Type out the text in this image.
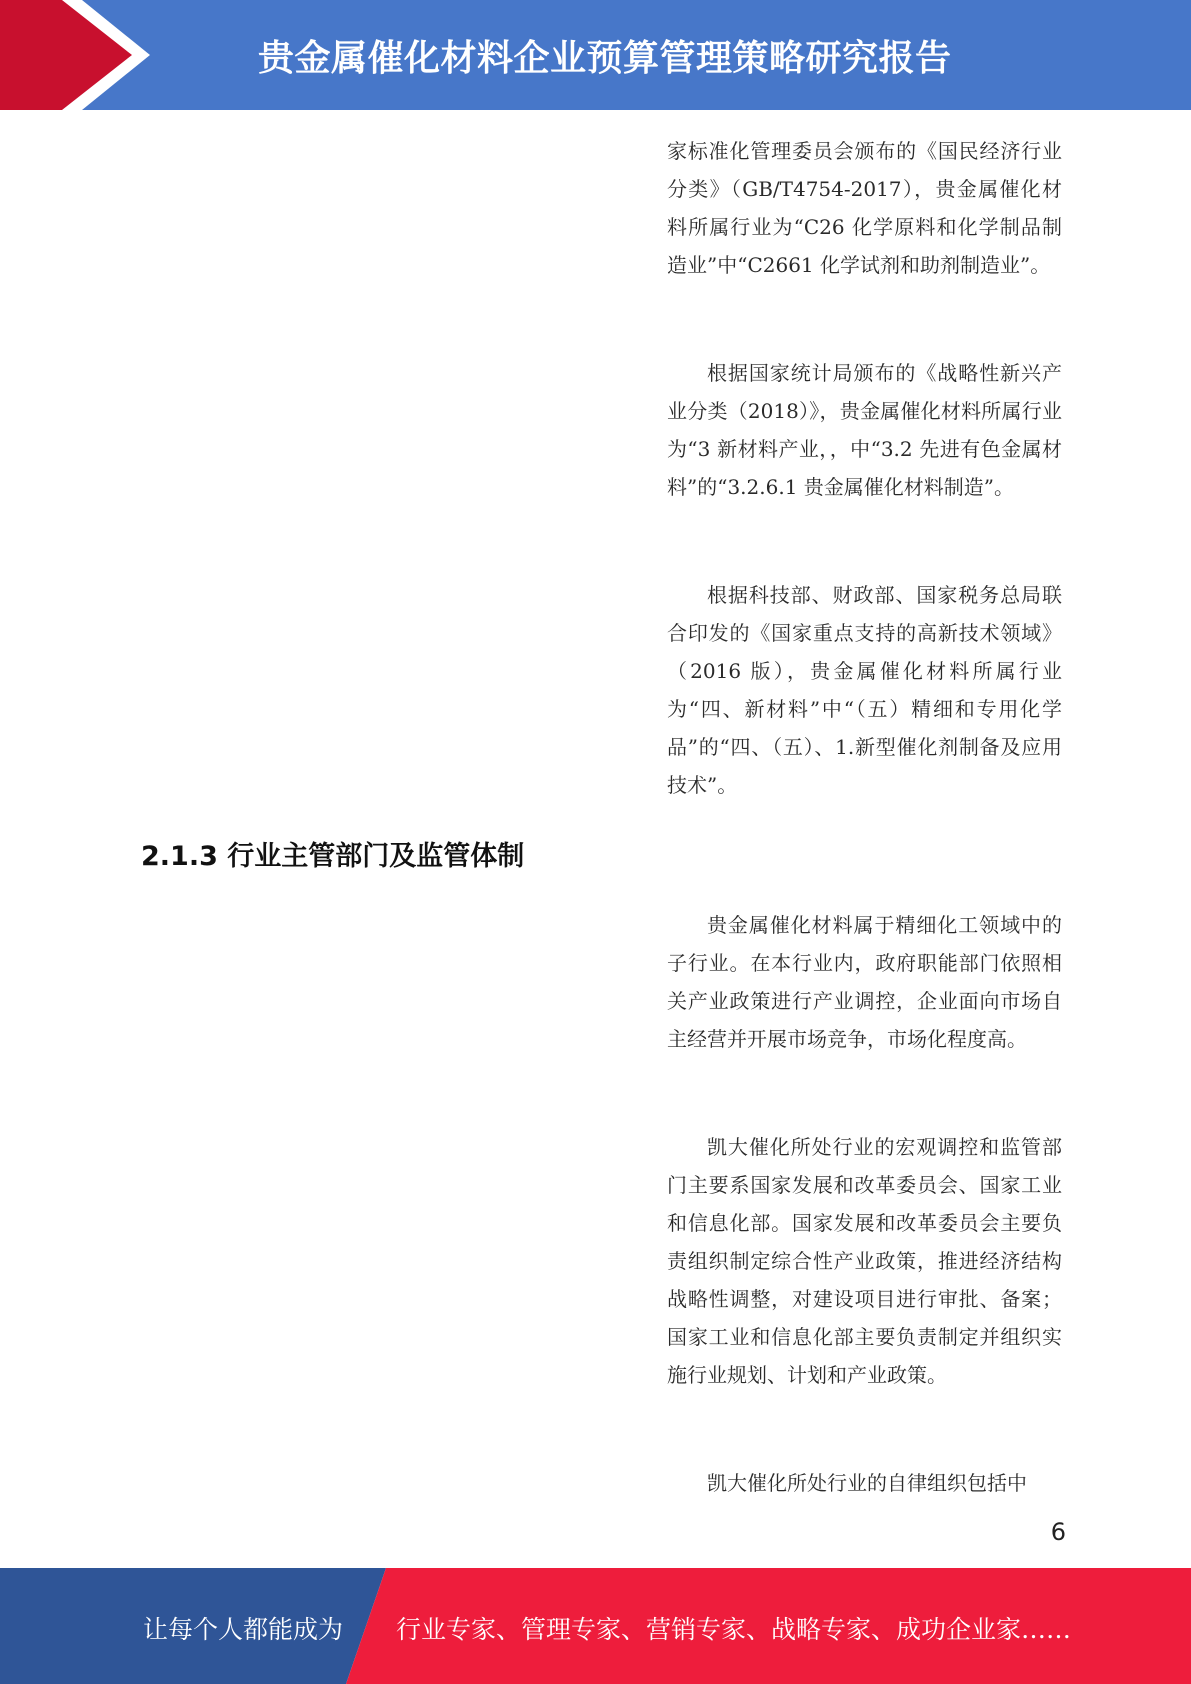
贵金属催化材料企业预算管理策略研究报告

家标准化管理委员会颁布的《国民经济行业分类》（GB/T4754-2017），贵金属催化材料所属行业为“C26 化学原料和化学制品制造业”中“C2661 化学试剂和助剂制造业”。

根据国家统计局颁布的《战略性新兴产业分类（2018）》，贵金属催化材料所属行业为“3 新材料产业，，中“3.2 先进有色金属材料”的“3.2.6.1 贵金属催化材料制造”。

根据科技部、财政部、国家税务总局联合印发的《国家重点支持的高新技术领域》（2016 版），贵金属催化材料所属行业为“四、新材料”中“（五）精细和专用化学品”的“四、（五）、1.新型催化剂制备及应用技术”。

2.1.3 行业主管部门及监管体制

贵金属催化材料属于精细化工领域中的子行业。在本行业内，政府职能部门依照相关产业政策进行产业调控，企业面向市场自主经营并开展市场竞争，市场化程度高。

凯大催化所处行业的宏观调控和监管部门主要系国家发展和改革委员会、国家工业和信息化部。国家发展和改革委员会主要负责组织制定综合性产业政策，推进经济结构战略性调整，对建设项目进行审批、备案；国家工业和信息化部主要负责制定并组织实施行业规划、计划和产业政策。

凯大催化所处行业的自律组织包括中

6
让每个人都能成为 行业专家、管理专家、营销专家、战略专家、成功企业家……
